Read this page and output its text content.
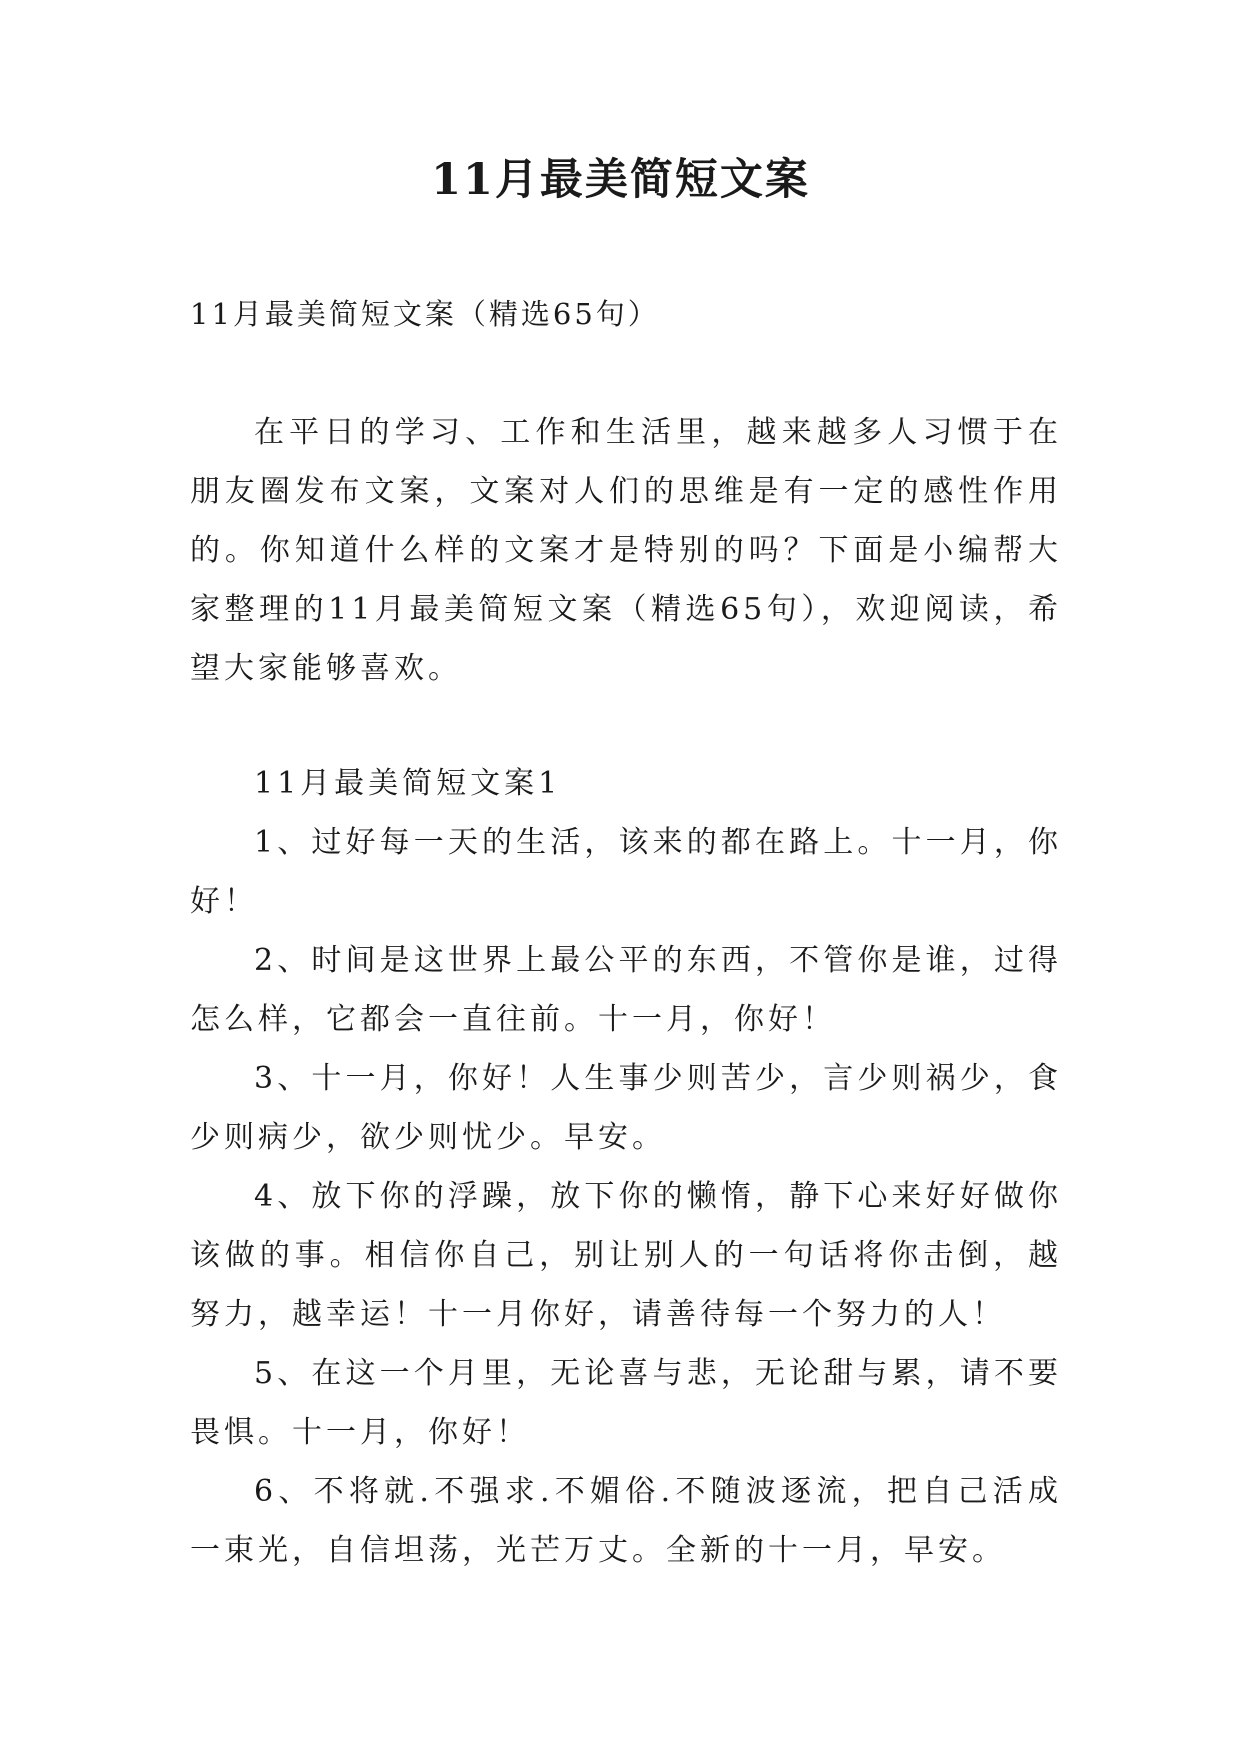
11月最美简短文案
11月最美简短文案（精选65句）

在平日的学习、工作和生活里，越来越多人习惯于在朋友圈发布文案，文案对人们的思维是有一定的感性作用的。你知道什么样的文案才是特别的吗？下面是小编帮大家整理的11月最美简短文案（精选65句），欢迎阅读，希望大家能够喜欢。

11月最美简短文案1

1、过好每一天的生活，该来的都在路上。十一月，你好！

2、时间是这世界上最公平的东西，不管你是谁，过得怎么样，它都会一直往前。十一月，你好！

3、十一月，你好！人生事少则苦少，言少则祸少，食少则病少，欲少则忧少。早安。

4、放下你的浮躁，放下你的懒惰，静下心来好好做你该做的事。相信你自己，别让别人的一句话将你击倒，越努力，越幸运！十一月你好，请善待每一个努力的人！

5、在这一个月里，无论喜与悲，无论甜与累，请不要畏惧。十一月，你好！

6、不将就.不强求.不媚俗.不随波逐流，把自己活成一束光，自信坦荡，光芒万丈。全新的十一月，早安。
